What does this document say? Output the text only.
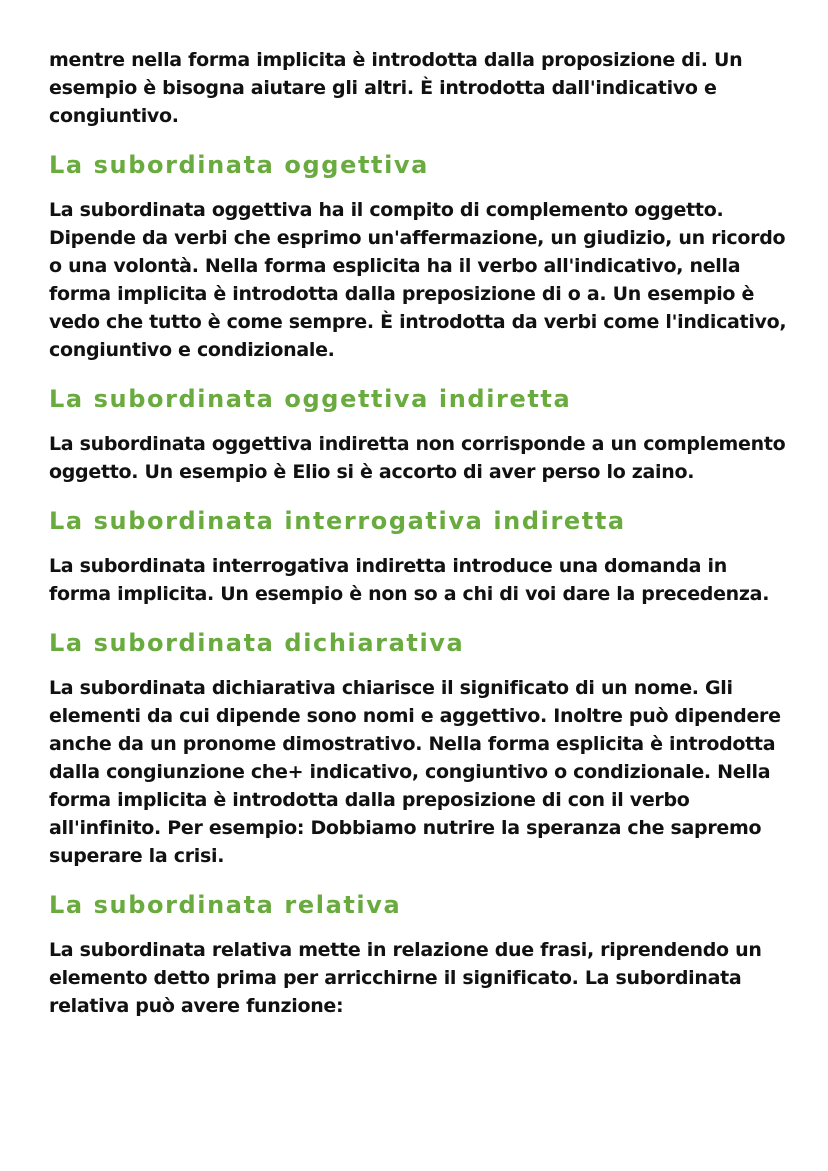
mentre nella forma implicita è introdotta dalla proposizione di. Un esempio è bisogna aiutare gli altri. È introdotta dall'indicativo e congiuntivo.

La subordinata oggettiva

La subordinata oggettiva ha il compito di complemento oggetto. Dipende da verbi che esprimo un'affermazione, un giudizio, un ricordo o una volontà. Nella forma esplicita ha il verbo all'indicativo, nella forma implicita è introdotta dalla preposizione di o a. Un esempio è vedo che tutto è come sempre. È introdotta da verbi come l'indicativo, congiuntivo e condizionale.

La subordinata oggettiva indiretta

La subordinata oggettiva indiretta non corrisponde a un complemento oggetto. Un esempio è Elio si è accorto di aver perso lo zaino.

La subordinata interrogativa indiretta

La subordinata interrogativa indiretta introduce una domanda in forma implicita. Un esempio è non so a chi di voi dare la precedenza.

La subordinata dichiarativa

La subordinata dichiarativa chiarisce il significato di un nome. Gli elementi da cui dipende sono nomi e aggettivo. Inoltre può dipendere anche da un pronome dimostrativo. Nella forma esplicita è introdotta dalla congiunzione che+ indicativo, congiuntivo o condizionale. Nella forma implicita è introdotta dalla preposizione di con il verbo all'infinito. Per esempio: Dobbiamo nutrire la speranza che sapremo superare la crisi.

La subordinata relativa

La subordinata relativa mette in relazione due frasi, riprendendo un elemento detto prima per arricchirne il significato. La subordinata relativa può avere funzione:
